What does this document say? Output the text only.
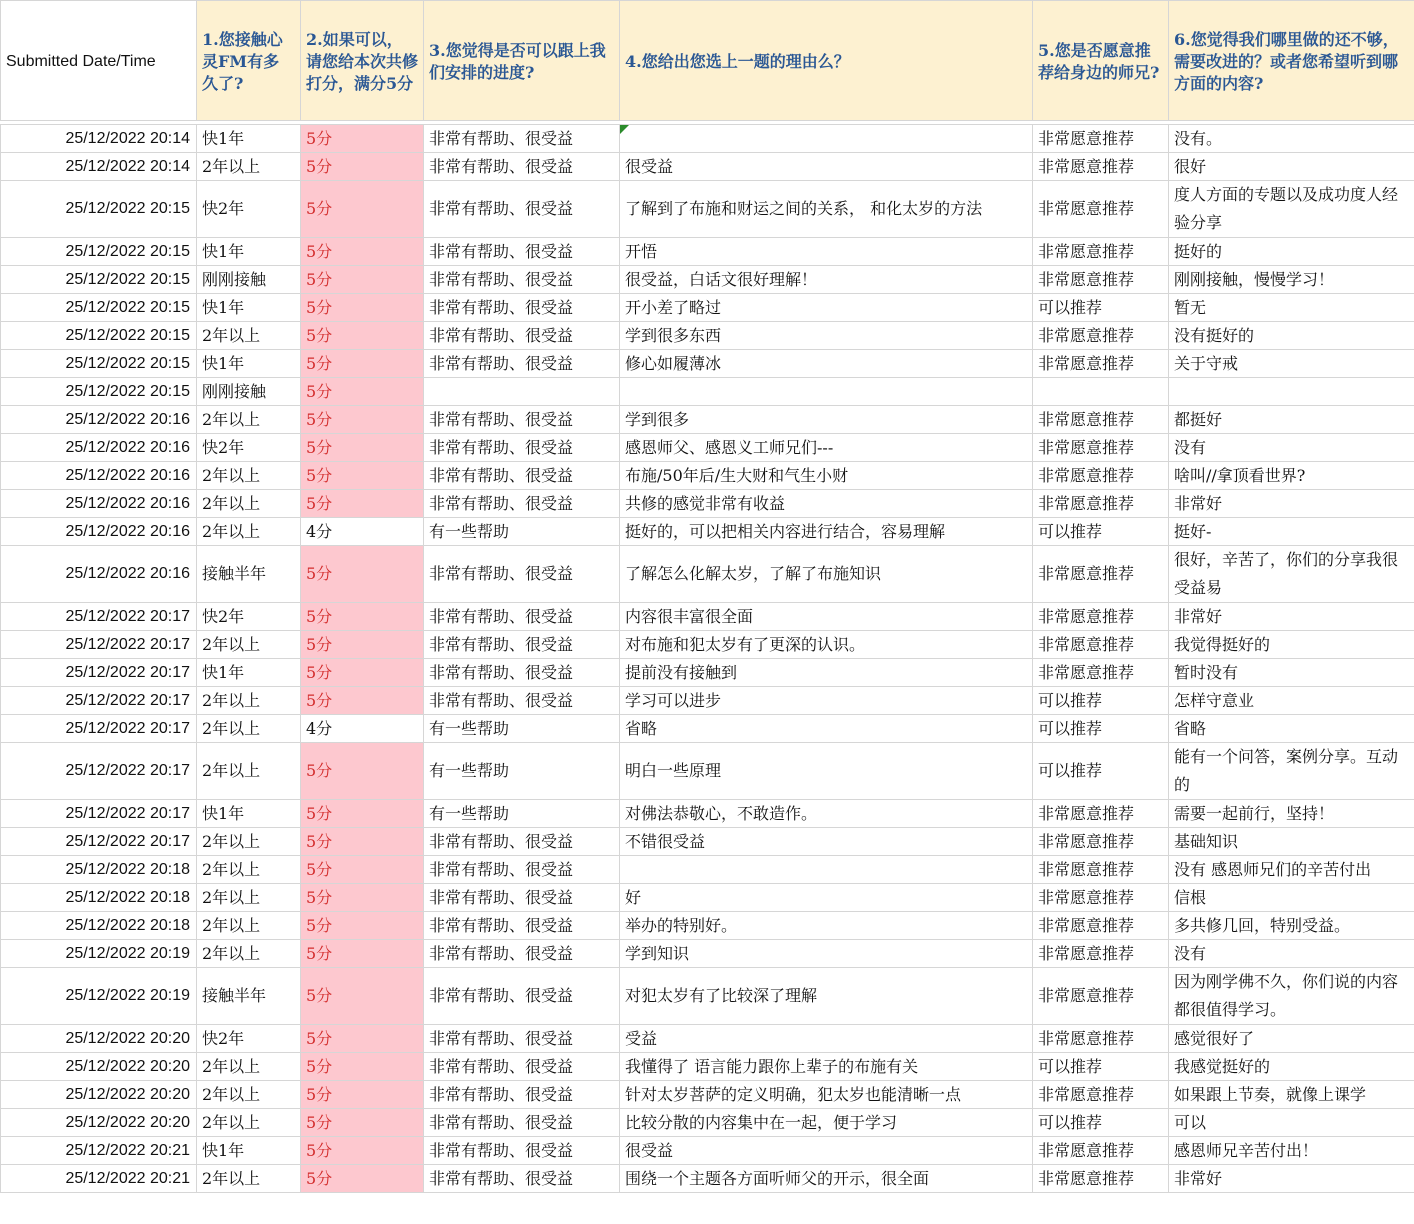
Submitted Date/Time	1.您接触心灵FM有多久了?	2.如果可以，请您给本次共修打分，满分5分	3.您觉得是否可以跟上我们安排的进度?	4.您给出您选上一题的理由么？	5.您是否愿意推荐给身边的师兄?	6.您觉得我们哪里做的还不够，需要改进的？或者您希望听到哪方面的内容?

25/12/2022 20:14	快1年	5分	非常有帮助、很受益		非常愿意推荐	没有。
25/12/2022 20:14	2年以上	5分	非常有帮助、很受益	很受益	非常愿意推荐	很好
25/12/2022 20:15	快2年	5分	非常有帮助、很受益	了解到了布施和财运之间的关系， 和化太岁的方法	非常愿意推荐	度人方面的专题以及成功度人经验分享
25/12/2022 20:15	快1年	5分	非常有帮助、很受益	开悟	非常愿意推荐	挺好的
25/12/2022 20:15	刚刚接触	5分	非常有帮助、很受益	很受益，白话文很好理解！	非常愿意推荐	刚刚接触，慢慢学习！
25/12/2022 20:15	快1年	5分	非常有帮助、很受益	开小差了略过	可以推荐	暂无
25/12/2022 20:15	2年以上	5分	非常有帮助、很受益	学到很多东西	非常愿意推荐	没有挺好的
25/12/2022 20:15	快1年	5分	非常有帮助、很受益	修心如履薄冰	非常愿意推荐	关于守戒
25/12/2022 20:15	刚刚接触	5分				
25/12/2022 20:16	2年以上	5分	非常有帮助、很受益	学到很多	非常愿意推荐	都挺好
25/12/2022 20:16	快2年	5分	非常有帮助、很受益	感恩师父、感恩义工师兄们---	非常愿意推荐	没有
25/12/2022 20:16	2年以上	5分	非常有帮助、很受益	布施/50年后/生大财和气生小财	非常愿意推荐	啥叫//拿顶看世界?
25/12/2022 20:16	2年以上	5分	非常有帮助、很受益	共修的感觉非常有收益	非常愿意推荐	非常好
25/12/2022 20:16	2年以上	4分	有一些帮助	挺好的，可以把相关内容进行结合，容易理解	可以推荐	挺好-
25/12/2022 20:16	接触半年	5分	非常有帮助、很受益	了解怎么化解太岁，了解了布施知识	非常愿意推荐	很好，辛苦了，你们的分享我很受益易
25/12/2022 20:17	快2年	5分	非常有帮助、很受益	内容很丰富很全面	非常愿意推荐	非常好
25/12/2022 20:17	2年以上	5分	非常有帮助、很受益	对布施和犯太岁有了更深的认识。	非常愿意推荐	我觉得挺好的
25/12/2022 20:17	快1年	5分	非常有帮助、很受益	提前没有接触到	非常愿意推荐	暂时没有
25/12/2022 20:17	2年以上	5分	非常有帮助、很受益	学习可以进步	可以推荐	怎样守意业
25/12/2022 20:17	2年以上	4分	有一些帮助	省略	可以推荐	省略
25/12/2022 20:17	2年以上	5分	有一些帮助	明白一些原理	可以推荐	能有一个问答，案例分享。互动的
25/12/2022 20:17	快1年	5分	有一些帮助	对佛法恭敬心，不敢造作。	非常愿意推荐	需要一起前行，坚持！
25/12/2022 20:17	2年以上	5分	非常有帮助、很受益	不错很受益	非常愿意推荐	基础知识
25/12/2022 20:18	2年以上	5分	非常有帮助、很受益		非常愿意推荐	没有 感恩师兄们的辛苦付出
25/12/2022 20:18	2年以上	5分	非常有帮助、很受益	好	非常愿意推荐	信根
25/12/2022 20:18	2年以上	5分	非常有帮助、很受益	举办的特别好。	非常愿意推荐	多共修几回，特别受益。
25/12/2022 20:19	2年以上	5分	非常有帮助、很受益	学到知识	非常愿意推荐	没有
25/12/2022 20:19	接触半年	5分	非常有帮助、很受益	对犯太岁有了比较深了理解	非常愿意推荐	因为刚学佛不久，你们说的内容都很值得学习。
25/12/2022 20:20	快2年	5分	非常有帮助、很受益	受益	非常愿意推荐	感觉很好了
25/12/2022 20:20	2年以上	5分	非常有帮助、很受益	我懂得了 语言能力跟你上辈子的布施有关	可以推荐	我感觉挺好的
25/12/2022 20:20	2年以上	5分	非常有帮助、很受益	针对太岁菩萨的定义明确，犯太岁也能清晰一点	非常愿意推荐	如果跟上节奏，就像上课学
25/12/2022 20:20	2年以上	5分	非常有帮助、很受益	比较分散的内容集中在一起，便于学习	可以推荐	可以
25/12/2022 20:21	快1年	5分	非常有帮助、很受益	很受益	非常愿意推荐	感恩师兄辛苦付出！
25/12/2022 20:21	2年以上	5分	非常有帮助、很受益	围绕一个主题各方面听师父的开示，很全面	非常愿意推荐	非常好
